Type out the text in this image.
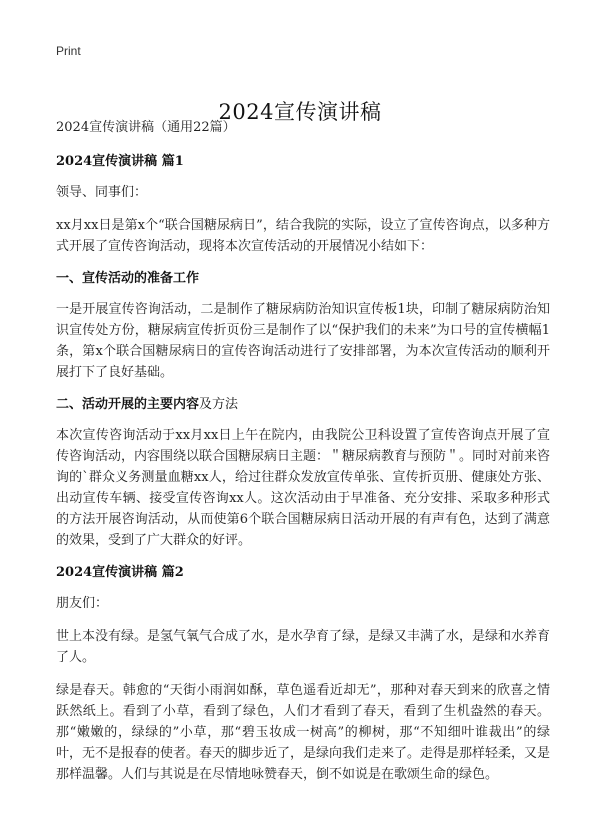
Print
2024宣传演讲稿

2024宣传演讲稿（通用22篇）

2024宣传演讲稿 篇1

领导、同事们：

xx月xx日是第x个“联合国糖尿病日”，结合我院的实际，设立了宣传咨询点，以多种方式开展了宣传咨询活动，现将本次宣传活动的开展情况小结如下：

一、宣传活动的准备工作

一是开展宣传咨询活动，二是制作了糖尿病防治知识宣传板1块，印制了糖尿病防治知识宣传处方份，糖尿病宣传折页份三是制作了以“保护我们的未来”为口号的宣传横幅1条，第x个联合国糖尿病日的宣传咨询活动进行了安排部署，为本次宣传活动的顺利开展打下了良好基础。

二、活动开展的主要内容及方法

本次宣传咨询活动于xx月xx日上午在院内，由我院公卫科设置了宣传咨询点开展了宣传咨询活动，内容围绕以联合国糖尿病日主题：＂糖尿病教育与预防＂。同时对前来咨询的`群众义务测量血糖xx人，给过往群众发放宣传单张、宣传折页册、健康处方张、出动宣传车辆、接受宣传咨询xx人。这次活动由于早准备、充分安排、采取多种形式的方法开展咨询活动，从而使第6个联合国糖尿病日活动开展的有声有色，达到了满意的效果，受到了广大群众的好评。

2024宣传演讲稿 篇2

朋友们：

世上本没有绿。是氢气氧气合成了水，是水孕育了绿，是绿又丰满了水，是绿和水养育了人。

绿是春天。韩愈的“天街小雨润如酥，草色遥看近却无”，那种对春天到来的欣喜之情跃然纸上。看到了小草，看到了绿色，人们才看到了春天，看到了生机盎然的春天。那“嫩嫩的，绿绿的”小草，那“碧玉妆成一树高”的柳树，那“不知细叶谁裁出”的绿叶，无不是报春的使者。春天的脚步近了，是绿向我们走来了。走得是那样轻柔，又是那样温馨。人们与其说是在尽情地咏赞春天，倒不如说是在歌颂生命的绿色。
